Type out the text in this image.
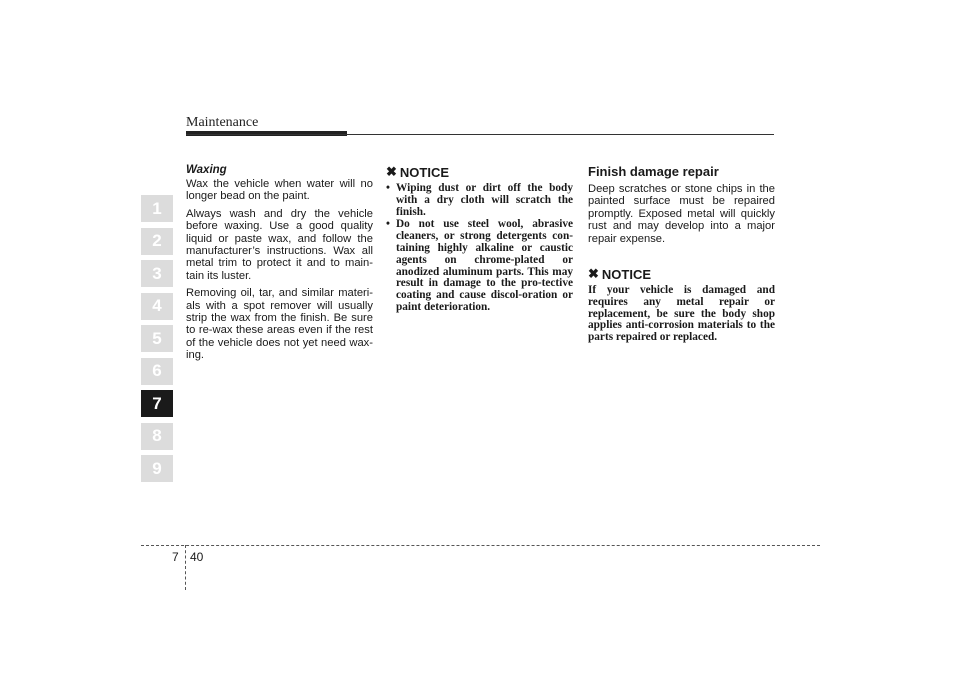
Maintenance
1
2
3
4
5
6
7
8
9
Waxing

Wax the vehicle when water will no longer bead on the paint.

Always wash and dry the vehicle before waxing. Use a good quality liquid or paste wax, and follow the manufacturer’s instructions. Wax all metal trim to protect it and to main-tain its luster.

Removing oil, tar, and similar materi-als with a spot remover will usually strip the wax from the finish. Be sure to re-wax these areas even if the rest of the vehicle does not yet need wax-ing.

✖ NOTICE
• Wiping dust or dirt off the body with a dry cloth will scratch the finish.
• Do not use steel wool, abrasive cleaners, or strong detergents con-taining highly alkaline or caustic agents on chrome-plated or anodized aluminum parts. This may result in damage to the pro-tective coating and cause discol-oration or paint deterioration.
Finish damage repair

Deep scratches or stone chips in the painted surface must be repaired promptly. Exposed metal will quickly rust and may develop into a major repair expense.

✖ NOTICE

If your vehicle is damaged and requires any metal repair or replacement, be sure the body shop applies anti-corrosion materials to the parts repaired or replaced.

7 40
